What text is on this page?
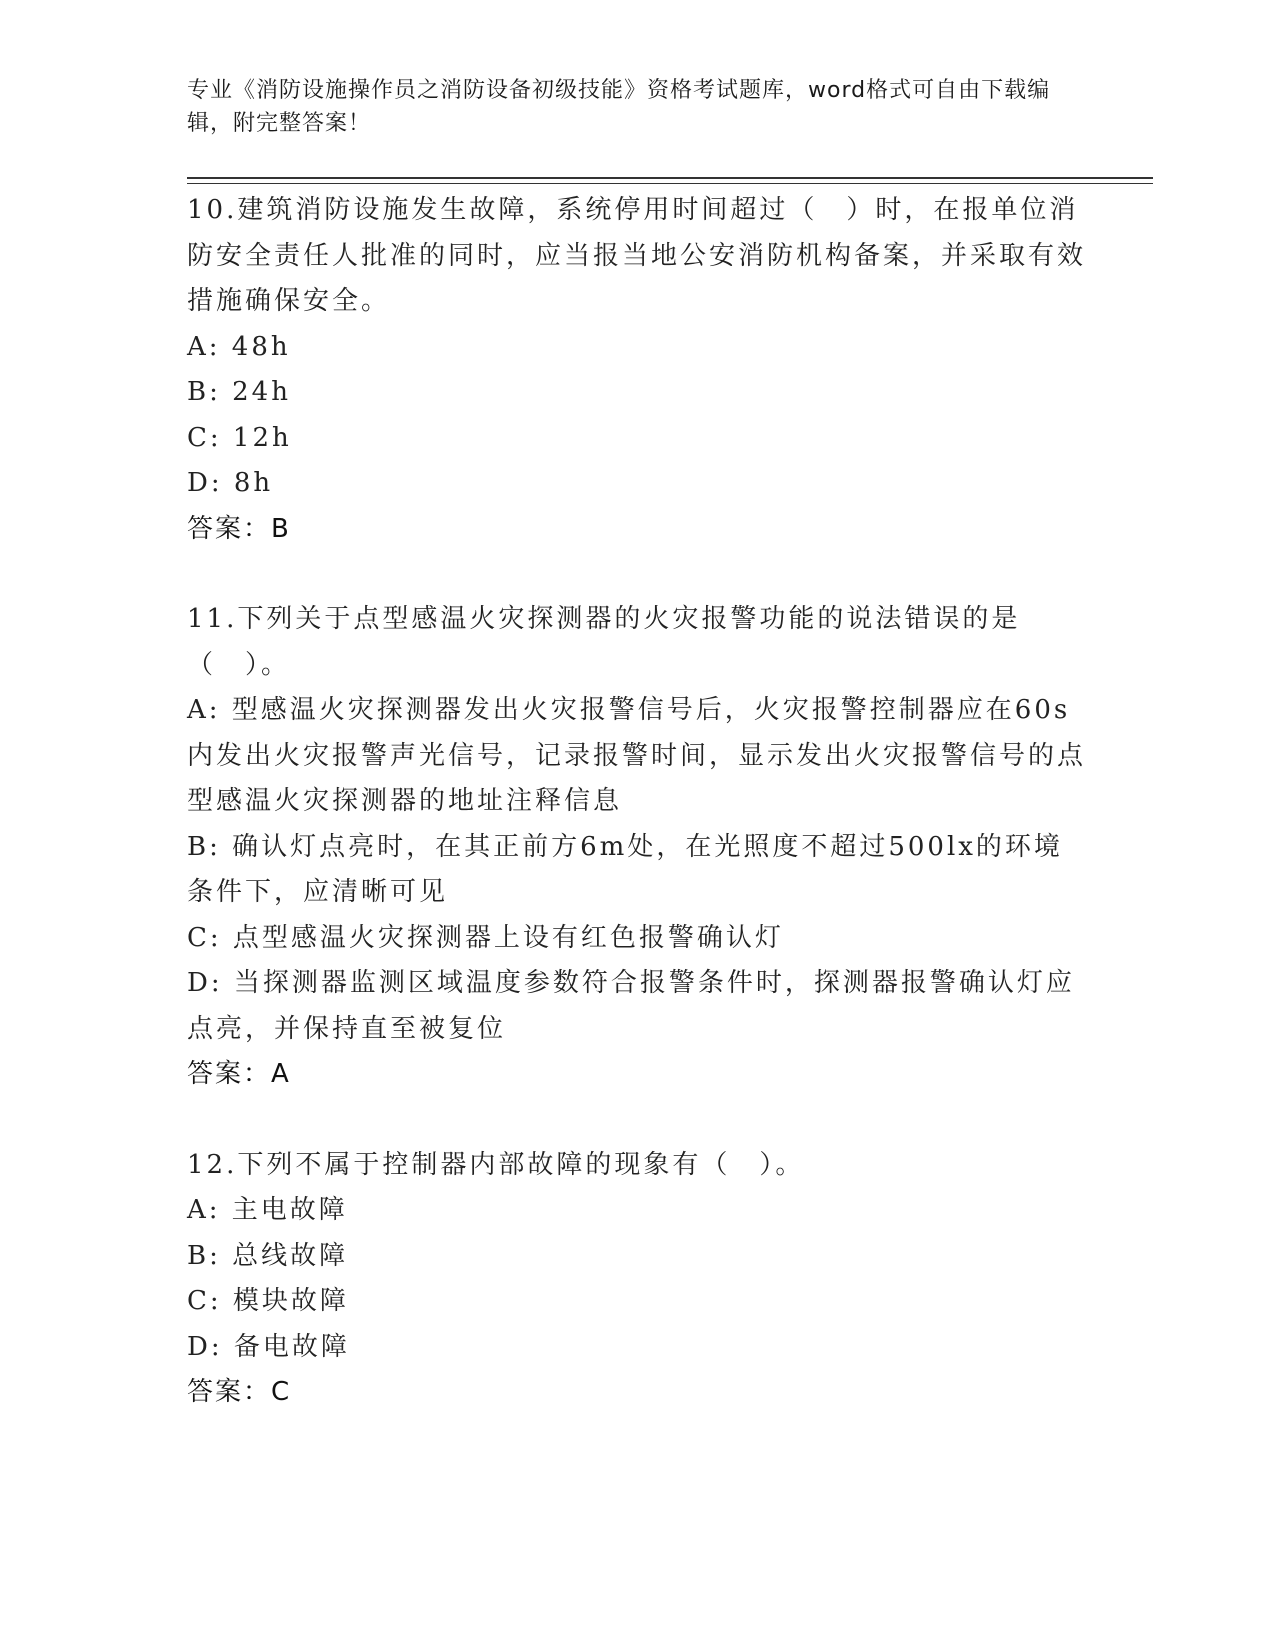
专业《消防设施操作员之消防设备初级技能》资格考试题库，word格式可自由下载编辑，附完整答案！

10.建筑消防设施发生故障，系统停用时间超过（　）时，在报单位消防安全责任人批准的同时，应当报当地公安消防机构备案，并采取有效措施确保安全。

A: 48h

B: 24h

C: 12h

D: 8h

答案：B

11.下列关于点型感温火灾探测器的火灾报警功能的说法错误的是（　）。

A: 型感温火灾探测器发出火灾报警信号后，火灾报警控制器应在60s内发出火灾报警声光信号，记录报警时间，显示发出火灾报警信号的点型感温火灾探测器的地址注释信息

B: 确认灯点亮时，在其正前方6m处，在光照度不超过500lx的环境条件下，应清晰可见

C: 点型感温火灾探测器上设有红色报警确认灯

D: 当探测器监测区域温度参数符合报警条件时，探测器报警确认灯应点亮，并保持直至被复位

答案：A

12.下列不属于控制器内部故障的现象有（　）。

A: 主电故障

B: 总线故障

C: 模块故障

D: 备电故障

答案：C
